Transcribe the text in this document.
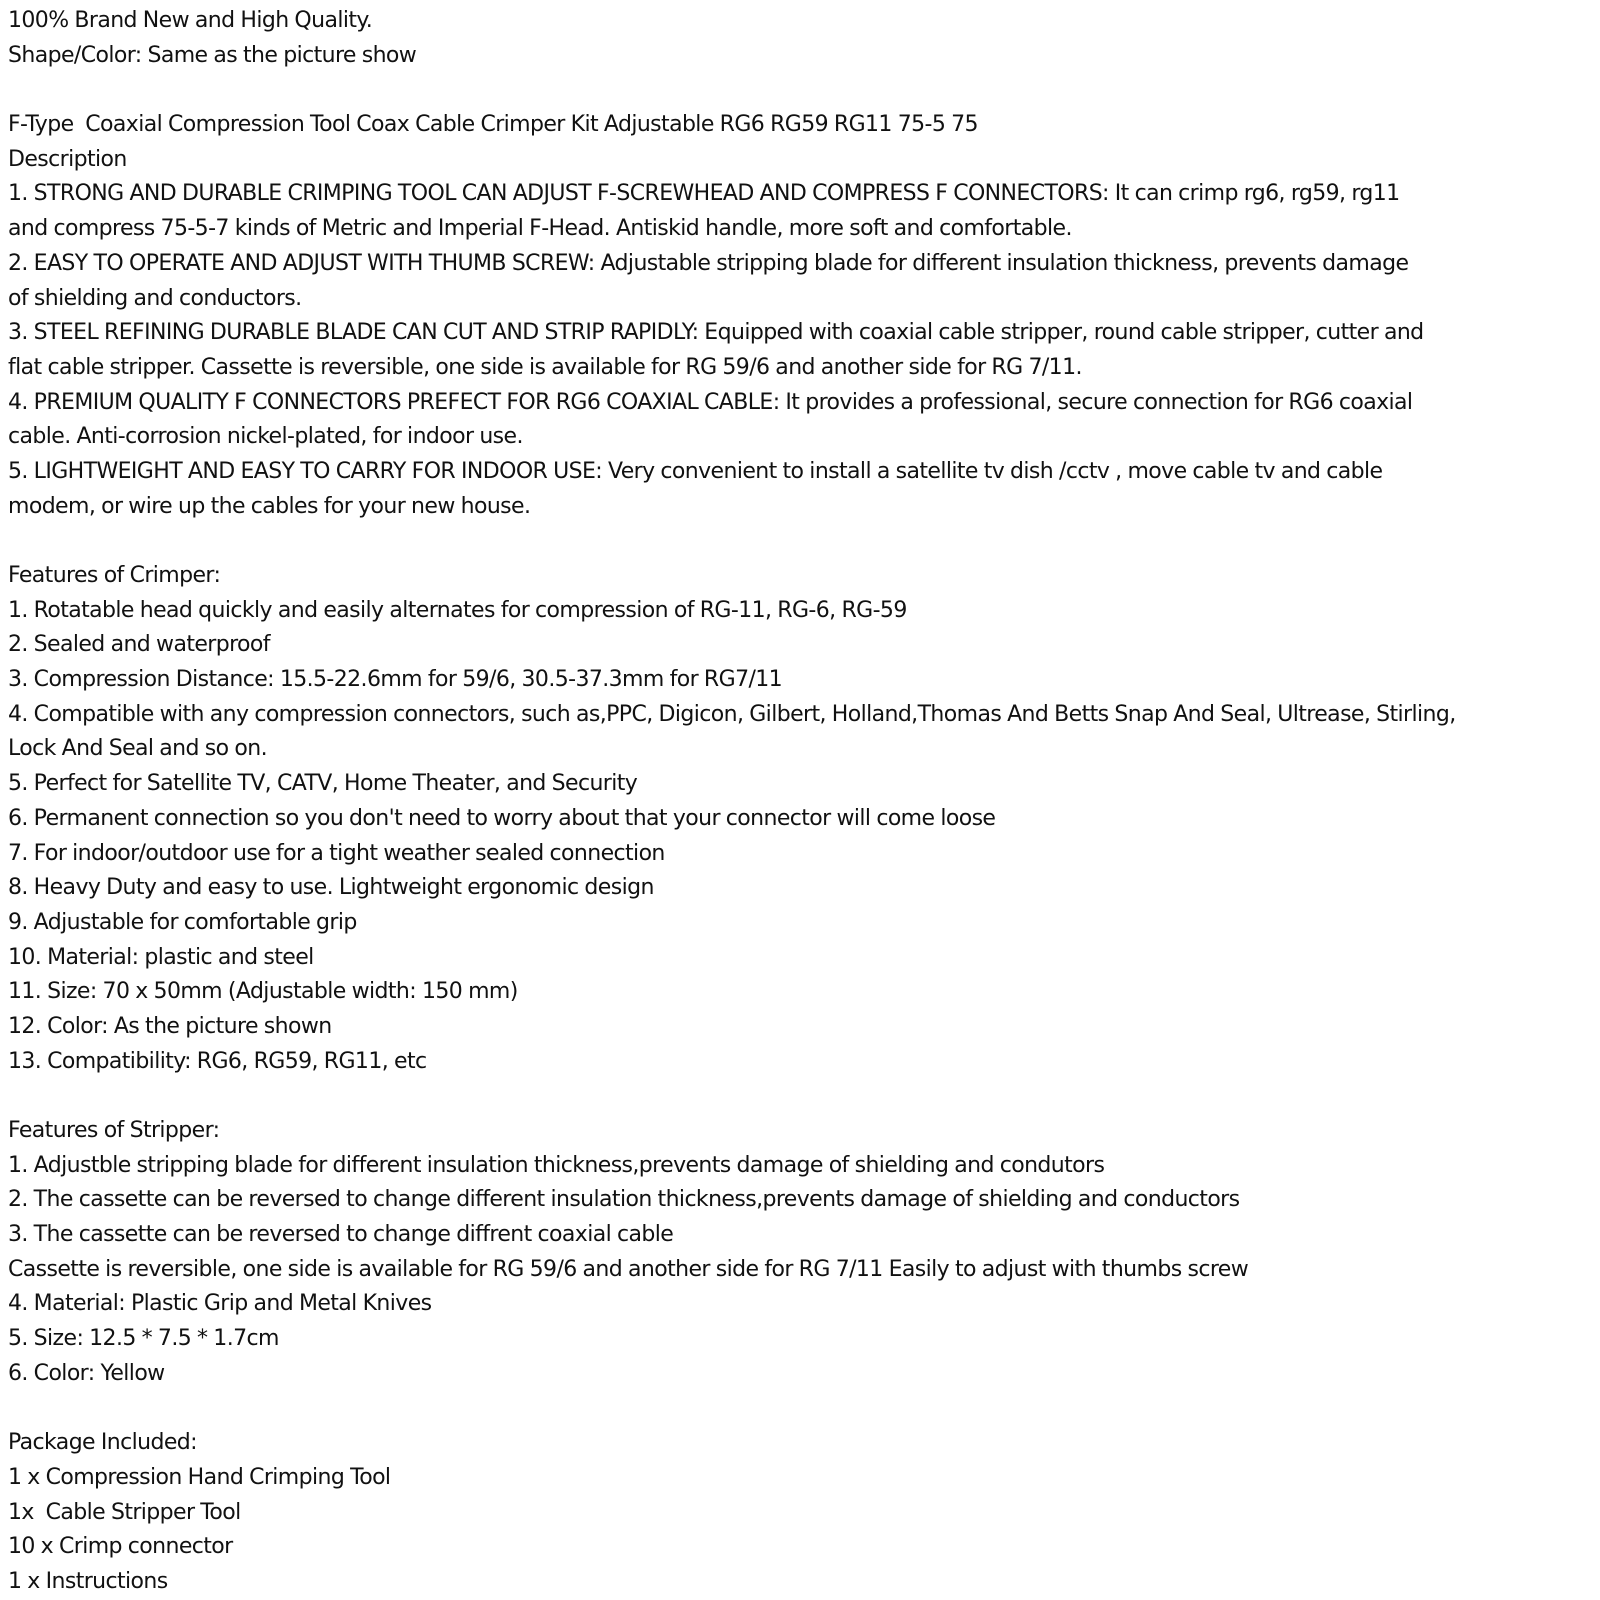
100% Brand New and High Quality.
Shape/Color: Same as the picture show
F-Type  Coaxial Compression Tool Coax Cable Crimper Kit Adjustable RG6 RG59 RG11 75-5 75
Description
1. STRONG AND DURABLE CRIMPING TOOL CAN ADJUST F-SCREWHEAD AND COMPRESS F CONNECTORS: It can crimp rg6, rg59, rg11
and compress 75-5-7 kinds of Metric and Imperial F-Head. Antiskid handle, more soft and comfortable.
2. EASY TO OPERATE AND ADJUST WITH THUMB SCREW: Adjustable stripping blade for different insulation thickness, prevents damage
of shielding and conductors.
3. STEEL REFINING DURABLE BLADE CAN CUT AND STRIP RAPIDLY: Equipped with coaxial cable stripper, round cable stripper, cutter and
flat cable stripper. Cassette is reversible, one side is available for RG 59/6 and another side for RG 7/11.
4. PREMIUM QUALITY F CONNECTORS PREFECT FOR RG6 COAXIAL CABLE: It provides a professional, secure connection for RG6 coaxial
cable. Anti-corrosion nickel-plated, for indoor use.
5. LIGHTWEIGHT AND EASY TO CARRY FOR INDOOR USE: Very convenient to install a satellite tv dish /cctv , move cable tv and cable
modem, or wire up the cables for your new house.
Features of Crimper:
1. Rotatable head quickly and easily alternates for compression of RG-11, RG-6, RG-59
2. Sealed and waterproof
3. Compression Distance: 15.5-22.6mm for 59/6, 30.5-37.3mm for RG7/11
4. Compatible with any compression connectors, such as,PPC, Digicon, Gilbert, Holland,Thomas And Betts Snap And Seal, Ultrease, Stirling,
Lock And Seal and so on.
5. Perfect for Satellite TV, CATV, Home Theater, and Security
6. Permanent connection so you don't need to worry about that your connector will come loose
7. For indoor/outdoor use for a tight weather sealed connection
8. Heavy Duty and easy to use. Lightweight ergonomic design
9. Adjustable for comfortable grip
10. Material: plastic and steel
11. Size: 70 x 50mm (Adjustable width: 150 mm)
12. Color: As the picture shown
13. Compatibility: RG6, RG59, RG11, etc
Features of Stripper:
1. Adjustble stripping blade for different insulation thickness,prevents damage of shielding and condutors
2. The cassette can be reversed to change different insulation thickness,prevents damage of shielding and conductors
3. The cassette can be reversed to change diffrent coaxial cable
Cassette is reversible, one side is available for RG 59/6 and another side for RG 7/11 Easily to adjust with thumbs screw
4. Material: Plastic Grip and Metal Knives
5. Size: 12.5 * 7.5 * 1.7cm
6. Color: Yellow
Package Included:
1 x Compression Hand Crimping Tool
1x  Cable Stripper Tool
10 x Crimp connector
1 x Instructions
